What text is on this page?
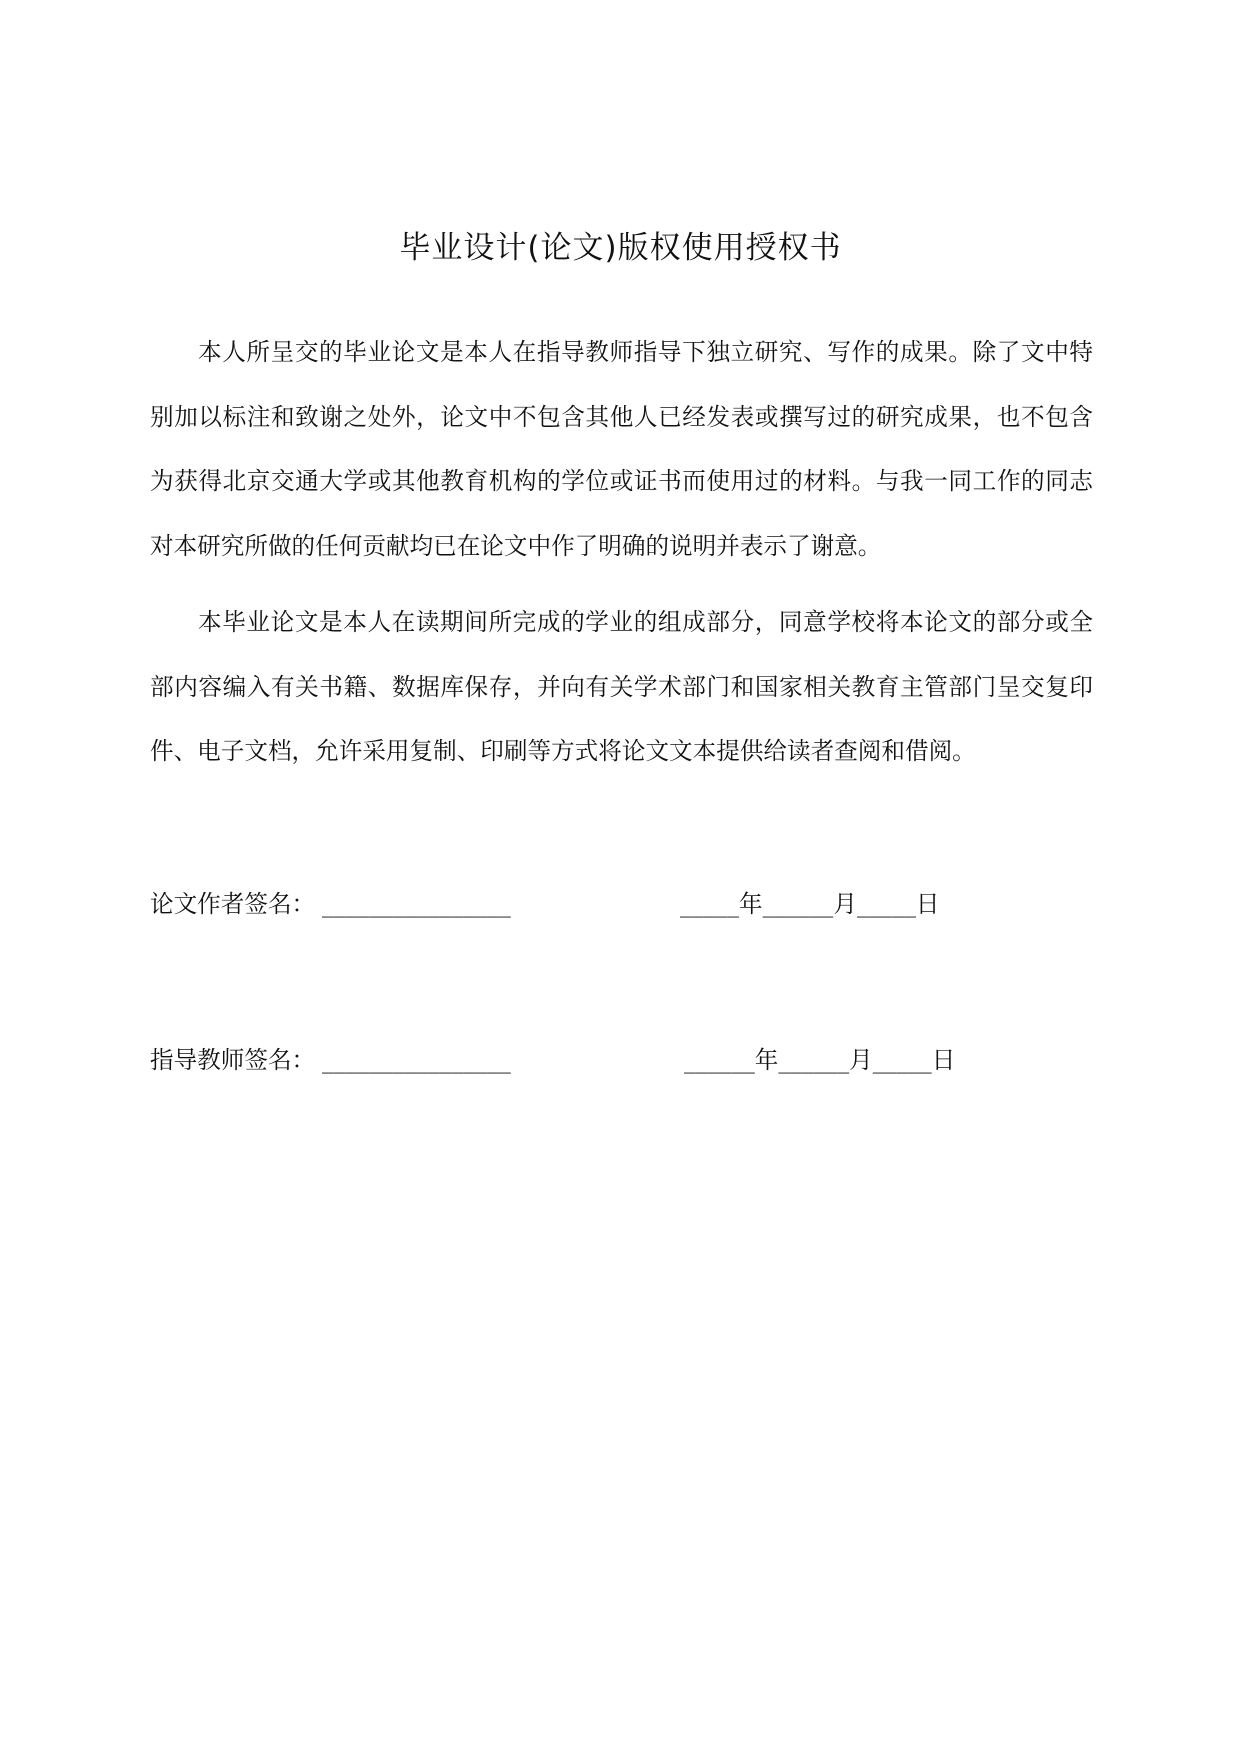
毕业设计(论文)版权使用授权书

本人所呈交的毕业论文是本人在指导教师指导下独立研究、写作的成果。除了文中特别加以标注和致谢之处外，论文中不包含其他人已经发表或撰写过的研究成果，也不包含为获得北京交通大学或其他教育机构的学位或证书而使用过的材料。与我一同工作的同志对本研究所做的任何贡献均已在论文中作了明确的说明并表示了谢意。

本毕业论文是本人在读期间所完成的学业的组成部分，同意学校将本论文的部分或全部内容编入有关书籍、数据库保存，并向有关学术部门和国家相关教育主管部门呈交复印件、电子文档，允许采用复制、印刷等方式将论文文本提供给读者查阅和借阅。

论文作者签名： ________________	_____年______月_____日
指导教师签名： ________________	______年______月_____日
